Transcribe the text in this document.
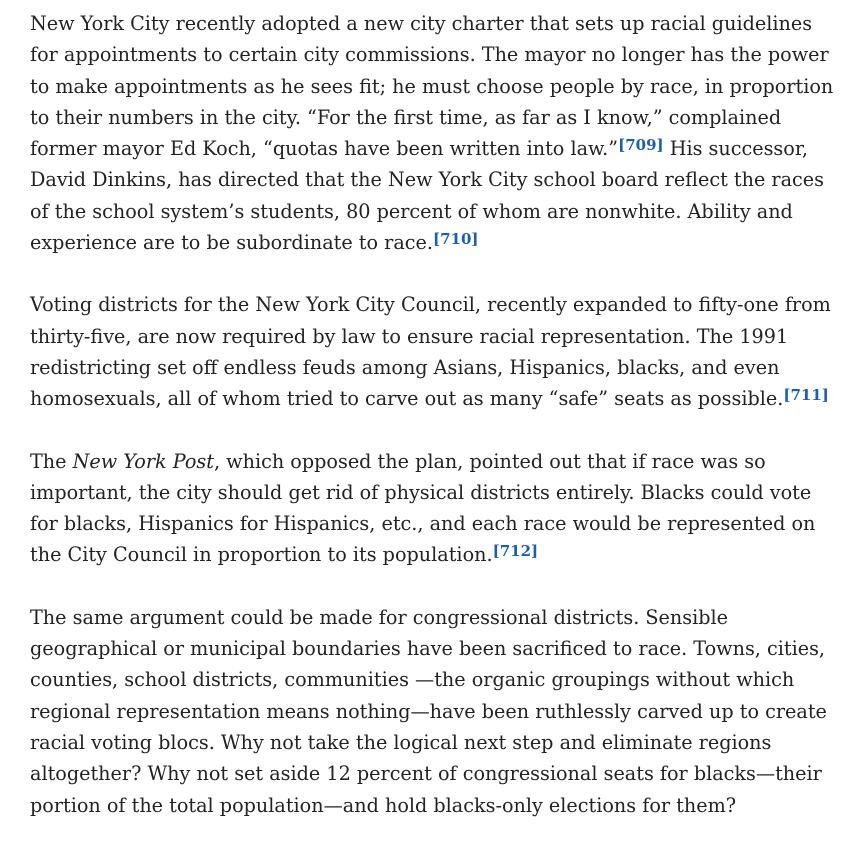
New York City recently adopted a new city charter that sets up racial guidelines for appointments to certain city commissions. The mayor no longer has the power to make appointments as he sees fit; he must choose people by race, in proportion to their numbers in the city. “For the first time, as far as I know,” complained former mayor Ed Koch, “quotas have been written into law.”[709] His successor, David Dinkins, has directed that the New York City school board reflect the races of the school system’s students, 80 percent of whom are nonwhite. Ability and experience are to be subordinate to race.[710]

Voting districts for the New York City Council, recently expanded to fifty-one from thirty-five, are now required by law to ensure racial representation. The 1991 redistricting set off endless feuds among Asians, Hispanics, blacks, and even homosexuals, all of whom tried to carve out as many “safe” seats as possible.[711]

The New York Post, which opposed the plan, pointed out that if race was so important, the city should get rid of physical districts entirely. Blacks could vote for blacks, Hispanics for Hispanics, etc., and each race would be represented on the City Council in proportion to its population.[712]

The same argument could be made for congressional districts. Sensible geographical or municipal boundaries have been sacrificed to race. Towns, cities, counties, school districts, communities —the organic groupings without which regional representation means nothing—have been ruthlessly carved up to create racial voting blocs. Why not take the logical next step and eliminate regions altogether? Why not set aside 12 percent of congressional seats for blacks—their portion of the total population—and hold blacks-only elections for them?
